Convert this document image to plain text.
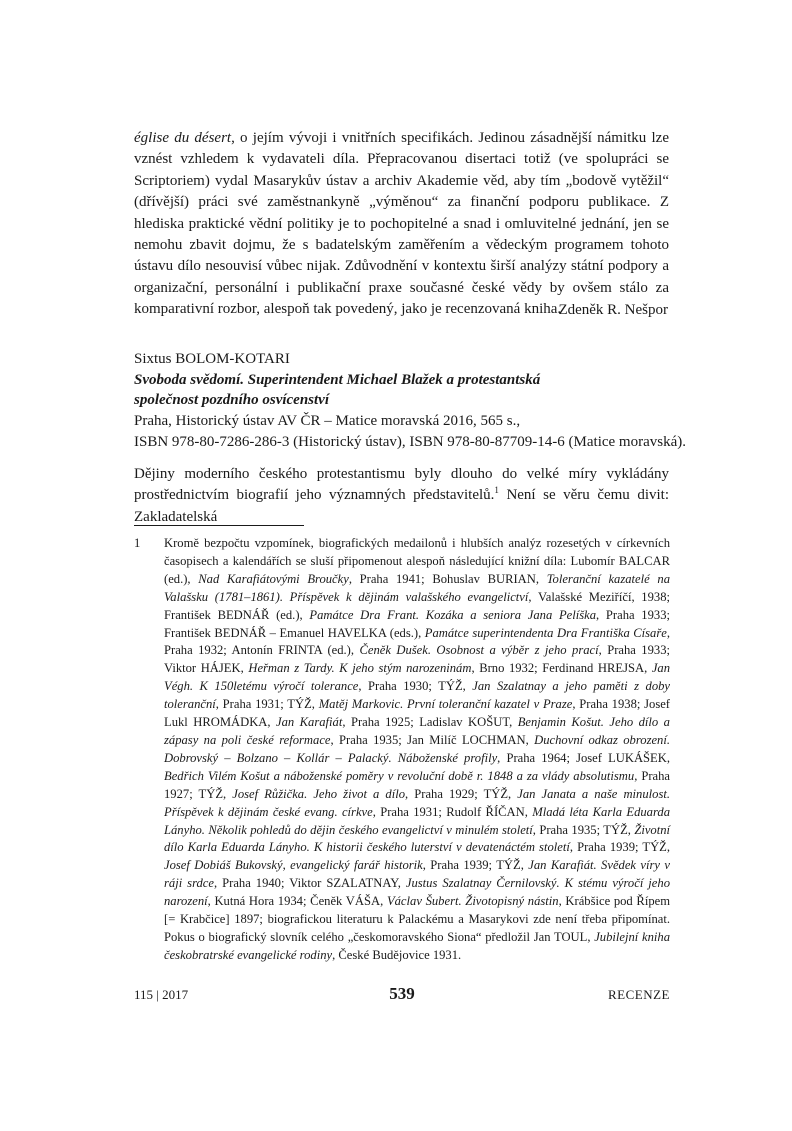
église du désert, o jejím vývoji i vnitřních specifikách. Jedinou zásadnější námitku lze vznést vzhledem k vydavateli díla. Přepracovanou disertaci totiž (ve spolupráci se Scriptoriem) vydal Masarykův ústav a archiv Akademie věd, aby tím „bodově vytěžil“ (dřívější) práci své zaměstnankyně „výměnou“ za finanční podporu publikace. Z hlediska praktické vědní politiky je to pochopitelné a snad i omluvitelné jednání, jen se nemohu zbavit dojmu, že s badatelským zaměřením a vědeckým programem tohoto ústavu dílo nesouvisí vůbec nijak. Zdůvodnění v kontextu širší analýzy státní podpory a organizační, personální i publikační praxe současné české vědy by ovšem stálo za komparativní rozbor, alespoň tak povedený, jako je recenzovaná kniha.

Zdeněk R. Nešpor
Sixtus BOLOM-KOTARI
Svoboda svědomí. Superintendent Michael Blažek a protestantská
společnost pozdního osvícenství
Praha, Historický ústav AV ČR – Matice moravská 2016, 565 s.,
ISBN 978-80-7286-286-3 (Historický ústav), ISBN 978-80-87709-14-6 (Matice moravská).

Dějiny moderního českého protestantismu byly dlouho do velké míry vykládány prostřednictvím biografií jeho významných představitelů.$^1$ Není se věru čemu divit: Zakladatelská

1 Kromě bezpočtu vzpomínek, biografických medailonů i hlubších analýz rozesetých v církevních časopisech a kalendářích se sluší připomenout alespoň následující knižní díla: Lubomír BALCAR (ed.), Nad Karafiátovými Broučky, Praha 1941; Bohuslav BURIAN, Toleranční kazatelé na Valašsku (1781–1861). Příspěvek k dějinám valašského evangelictví, Valašské Meziříčí, 1938; František BEDNÁŘ (ed.), Památce Dra Frant. Kozáka a seniora Jana Pelíška, Praha 1933; František BEDNÁŘ – Emanuel HAVELKA (eds.), Památce superintendenta Dra Františka Císaře, Praha 1932; Antonín FRINTA (ed.), Čeněk Dušek. Osobnost a výběr z jeho prací, Praha 1933; Viktor HÁJEK, Heřman z Tardy. K jeho stým narozeninám, Brno 1932; Ferdinand HREJSA, Jan Végh. K 150letému výročí tolerance, Praha 1930; TÝŽ, Jan Szalatnay a jeho paměti z doby toleranční, Praha 1931; TÝŽ, Matěj Markovic. První toleranční kazatel v Praze, Praha 1938; Josef Lukl HROMÁDKA, Jan Karafiát, Praha 1925; Ladislav KOŠUT, Benjamin Košut. Jeho dílo a zápasy na poli české reformace, Praha 1935; Jan Milíč LOCHMAN, Duchovní odkaz obrození. Dobrovský – Bolzano – Kollár – Palacký. Náboženské profily, Praha 1964; Josef LUKÁŠEK, Bedřich Vilém Košut a náboženské poměry v revoluční době r. 1848 a za vlády absolutismu, Praha 1927; TÝŽ, Josef Růžička. Jeho život a dílo, Praha 1929; TÝŽ, Jan Janata a naše minulost. Příspěvek k dějinám české evang. církve, Praha 1931; Rudolf ŘÍČAN, Mladá léta Karla Eduarda Lányho. Několik pohledů do dějin českého evangelictví v minulém století, Praha 1935; TÝŽ, Životní dílo Karla Eduarda Lányho. K historii českého luterství v devatenáctém století, Praha 1939; TÝŽ, Josef Dobiáš Bukovský, evangelický farář historik, Praha 1939; TÝŽ, Jan Karafiát. Svědek víry v ráji srdce, Praha 1940; Viktor SZALATNAY, Justus Szalatnay Černilovský. K stému výročí jeho narození, Kutná Hora 1934; Čeněk VÁŠA, Václav Šubert. Životopisný nástin, Krábšice pod Řípem [= Krabčice] 1897; biografickou literaturu k Palackému a Masarykovi zde není třeba připomínat. Pokus o biografický slovník celého „českomoravského Siona“ předložil Jan TOUL, Jubilejní kniha českobratrské evangelické rodiny, České Budějovice 1931.
115 | 2017	539	RECENZE
